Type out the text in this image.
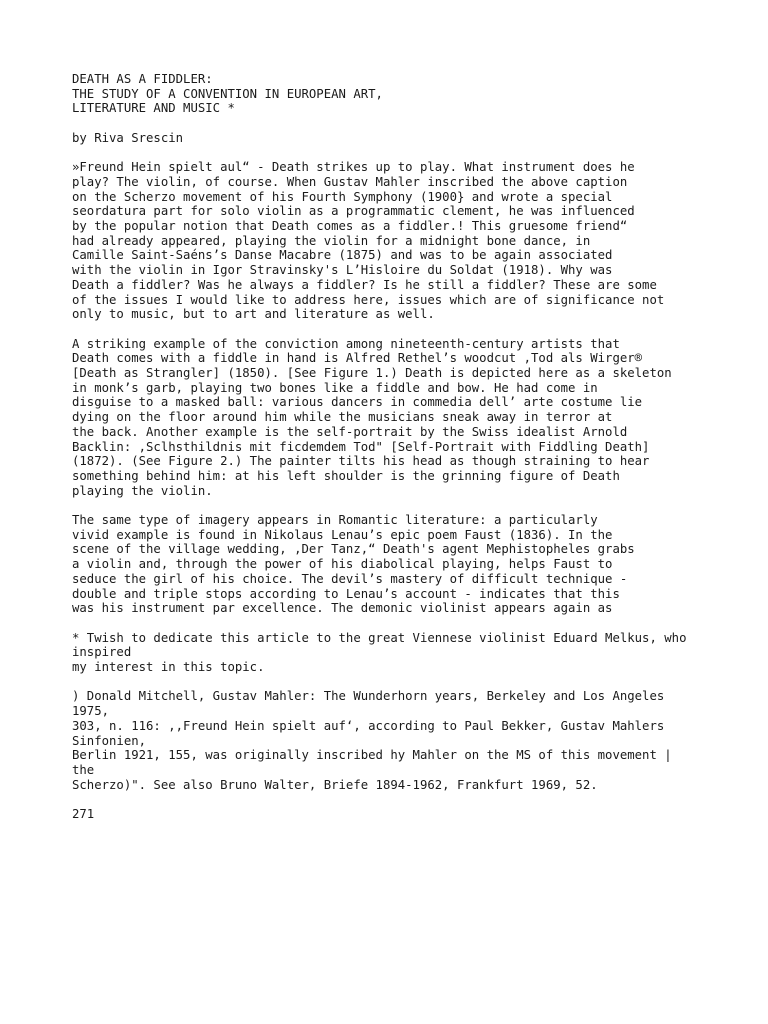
DEATH AS A FIDDLER:
THE STUDY OF A CONVENTION IN EUROPEAN ART,
LITERATURE AND MUSIC *
by Riva Srescin
»Freund Hein spielt aul“ - Death strikes up to play. What instrument does he
play? The violin, of course. When Gustav Mahler inscribed the above caption
on the Scherzo movement of his Fourth Symphony (1900} and wrote a special
seordatura part for solo violin as a programmatic clement, he was influenced
by the popular notion that Death comes as a fiddler.! This gruesome friend“
had already appeared, playing the violin for a midnight bone dance, in
Camille Saint-Saéns’s Danse Macabre (1875) and was to be again associated
with the violin in Igor Stravinsky's L’Hisloire du Soldat (1918). Why was
Death a fiddler? Was he always a fiddler? Is he still a fiddler? These are some
of the issues I would like to address here, issues which are of significance not
only to music, but to art and literature as well.
A striking example of the conviction among nineteenth-century artists that
Death comes with a fiddle in hand is Alfred Rethel’s woodcut ,Tod als Wirger®
[Death as Strangler] (1850). [See Figure 1.) Death is depicted here as a skeleton
in monk’s garb, playing two bones like a fiddle and bow. He had come in
disguise to a masked ball: various dancers in commedia dell’ arte costume lie
dying on the floor around him while the musicians sneak away in terror at
the back. Another example is the self-portrait by the Swiss idealist Arnold
Backlin: ,Sclhsthildnis mit ficdemdem Tod" [Self-Portrait with Fiddling Death]
(1872). (See Figure 2.) The painter tilts his head as though straining to hear
something behind him: at his left shoulder is the grinning figure of Death
playing the violin.
The same type of imagery appears in Romantic literature: a particularly
vivid example is found in Nikolaus Lenau’s epic poem Faust (1836). In the
scene of the village wedding, ,Der Tanz,“ Death's agent Mephistopheles grabs
a violin and, through the power of his diabolical playing, helps Faust to
seduce the girl of his choice. The devil’s mastery of difficult technique -
double and triple stops according to Lenau’s account - indicates that this
was his instrument par excellence. The demonic violinist appears again as
* Twish to dedicate this article to the great Viennese violinist Eduard Melkus, who
inspired
my interest in this topic.
) Donald Mitchell, Gustav Mahler: The Wunderhorn years, Berkeley and Los Angeles
1975,
303, n. 116: ,,Freund Hein spielt auf‘, according to Paul Bekker, Gustav Mahlers
Sinfonien,
Berlin 1921, 155, was originally inscribed hy Mahler on the MS of this movement |
the
Scherzo)". See also Bruno Walter, Briefe 1894-1962, Frankfurt 1969, 52.
271
